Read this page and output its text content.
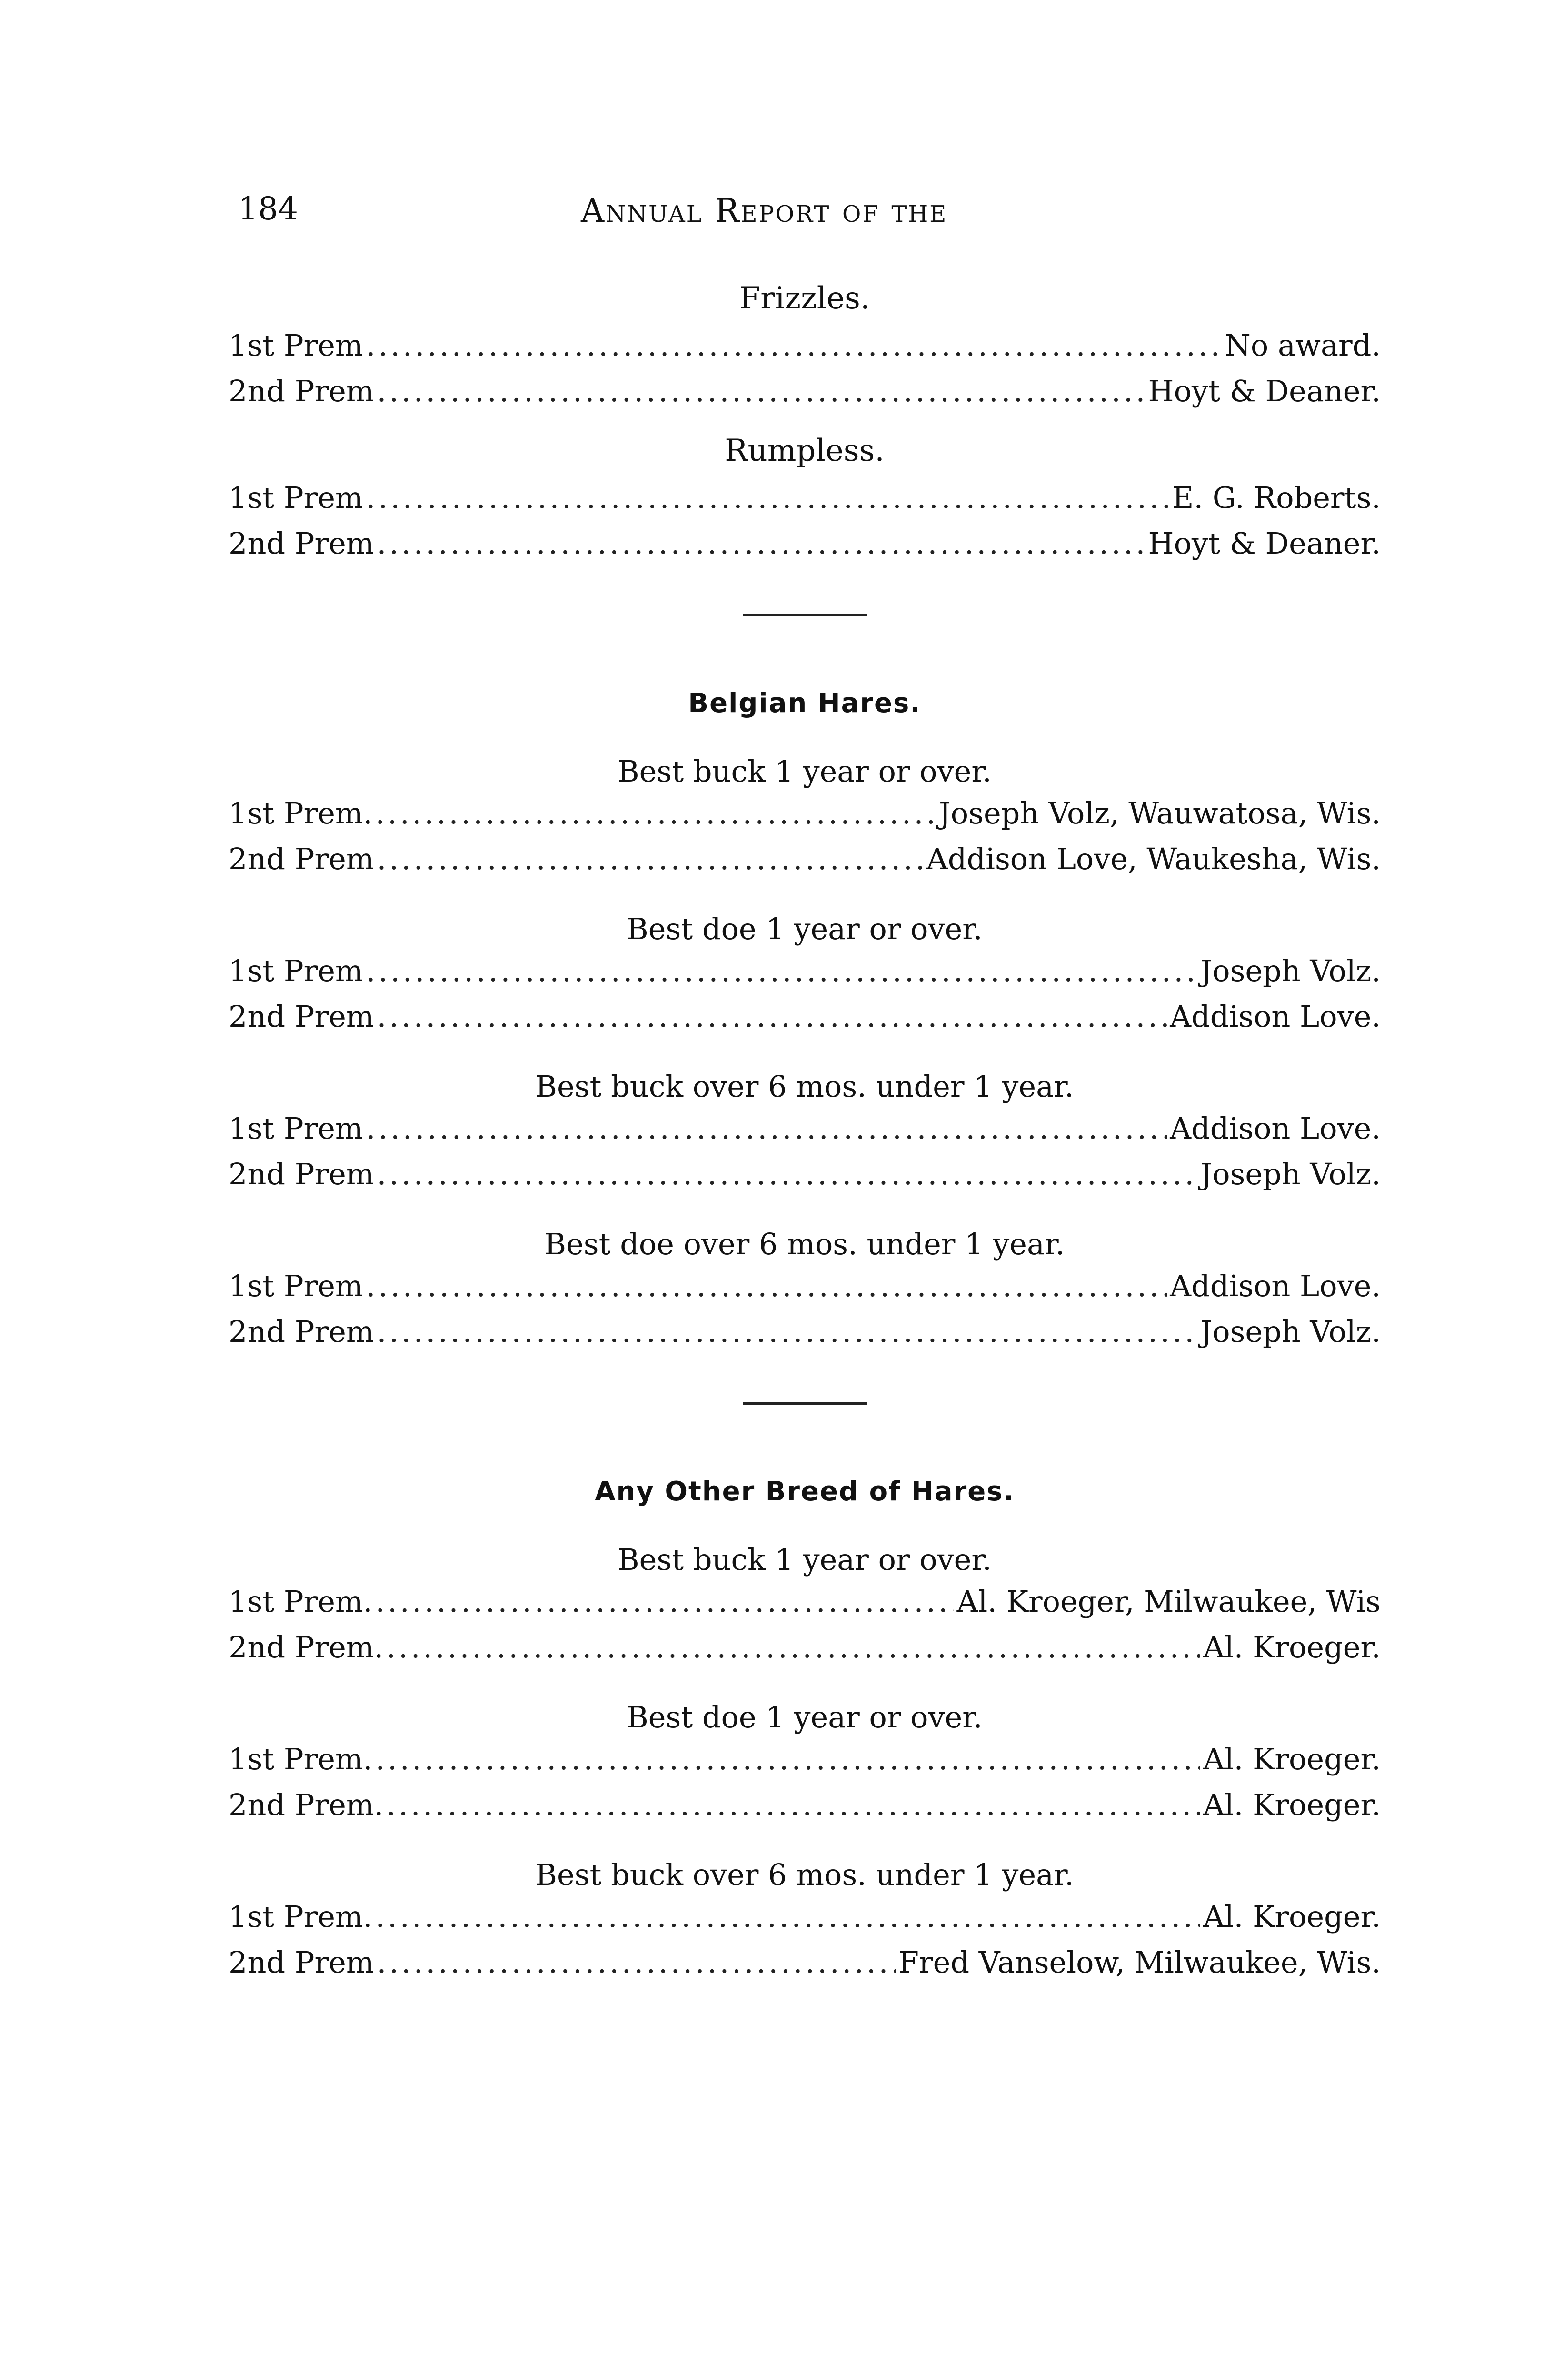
184	Annual Report of the
Frizzles.
1st Prem .....	No award.
2nd Prem .....	Hoyt & Deaner.
Rumpless.
1st Prem .....	E. G. Roberts.
2nd Prem .....	Hoyt & Deaner.
Belgian Hares.
Best buck 1 year or over.
1st Prem. .....	Joseph Volz, Wauwatosa, Wis.
2nd Prem .....	Addison Love, Waukesha, Wis.
Best doe 1 year or over.
1st Prem .....	Joseph Volz.
2nd Prem .....	Addison Love.
Best buck over 6 mos. under 1 year.
1st Prem .....	Addison Love.
2nd Prem .....	Joseph Volz.
Best doe over 6 mos. under 1 year.
1st Prem .....	Addison Love.
2nd Prem .....	Joseph Volz.
Any Other Breed of Hares.
Best buck 1 year or over.
1st Prem. .....	Al. Kroeger, Milwaukee, Wis
2nd Prem. .....	Al. Kroeger.
Best doe 1 year or over.
1st Prem. .....	Al. Kroeger.
2nd Prem. .....	Al. Kroeger.
Best buck over 6 mos. under 1 year.
1st Prem. .....	Al. Kroeger.
2nd Prem .....	Fred Vanselow, Milwaukee, Wis.
